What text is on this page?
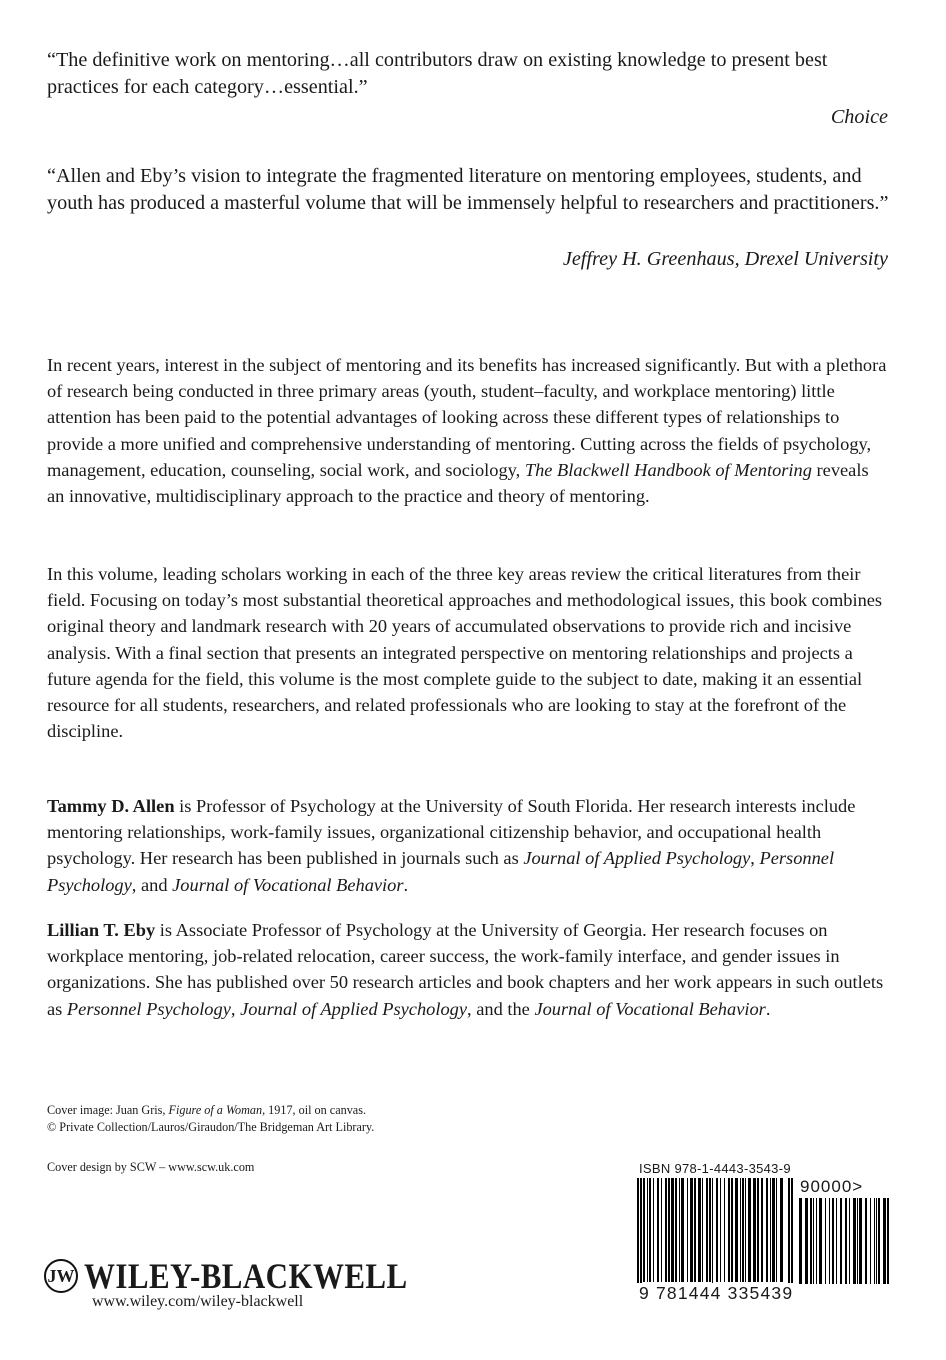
“The definitive work on mentoring…all contributors draw on existing knowledge to present best practices for each category…essential.”

Choice

“Allen and Eby’s vision to integrate the fragmented literature on mentoring employees, students, and youth has produced a masterful volume that will be immensely helpful to researchers and practitioners.”

Jeffrey H. Greenhaus, Drexel University

In recent years, interest in the subject of mentoring and its benefits has increased significantly. But with a plethora of research being conducted in three primary areas (youth, student–faculty, and workplace mentoring) little attention has been paid to the potential advantages of looking across these different types of relationships to provide a more unified and comprehensive understanding of mentoring. Cutting across the fields of psychology, management, education, counseling, social work, and sociology, The Blackwell Handbook of Mentoring reveals an innovative, multidisciplinary approach to the practice and theory of mentoring.

In this volume, leading scholars working in each of the three key areas review the critical literatures from their field. Focusing on today’s most substantial theoretical approaches and methodological issues, this book combines original theory and landmark research with 20 years of accumulated observations to provide rich and incisive analysis. With a final section that presents an integrated perspective on mentoring relationships and projects a future agenda for the field, this volume is the most complete guide to the subject to date, making it an essential resource for all students, researchers, and related professionals who are looking to stay at the forefront of the discipline.

Tammy D. Allen is Professor of Psychology at the University of South Florida. Her research interests include mentoring relationships, work-family issues, organizational citizenship behavior, and occupational health psychology. Her research has been published in journals such as Journal of Applied Psychology, Personnel Psychology, and Journal of Vocational Behavior.

Lillian T. Eby is Associate Professor of Psychology at the University of Georgia. Her research focuses on workplace mentoring, job-related relocation, career success, the work-family interface, and gender issues in organizations. She has published over 50 research articles and book chapters and her work appears in such outlets as Personnel Psychology, Journal of Applied Psychology, and the Journal of Vocational Behavior.

Cover image: Juan Gris, Figure of a Woman, 1917, oil on canvas.
© Private Collection/Lauros/Giraudon/The Bridgeman Art Library.
Cover design by SCW – www.scw.uk.com
JW WILEY-BLACKWELL
www.wiley.com/wiley-blackwell
ISBN 978-1-4443-3543-9
90000>
9 781444 335439
